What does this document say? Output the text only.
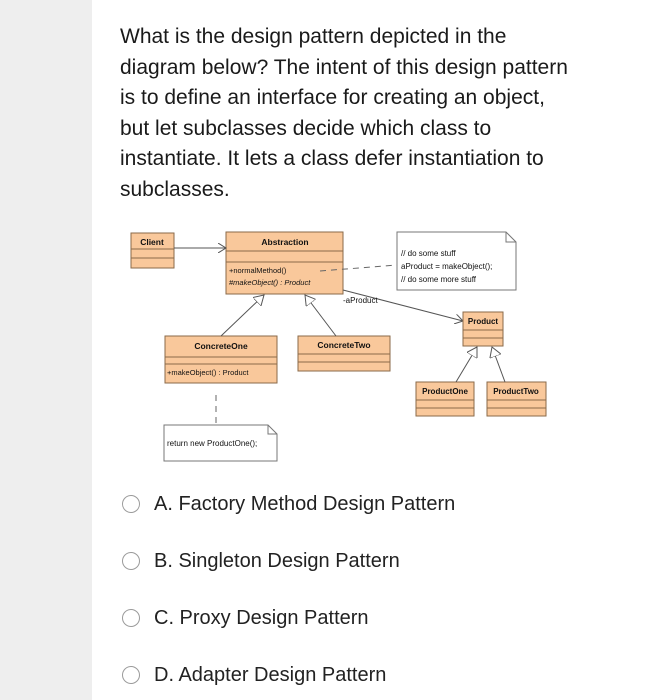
What is the design pattern depicted in the diagram below? The intent of this design pattern is to define an interface for creating an object, but let subclasses decide which class to instantiate. It lets a class defer instantiation to subclasses.

Client	Abstraction
+normalMethod()
#makeObject() : Product
// do some stuff
aProduct = makeObject();
// do some more stuff
-aProduct
ConcreteOne
+makeObject() : Product
ConcreteTwo
Product
ProductOne	ProductTwo
return new ProductOne();
A. Factory Method Design Pattern
B. Singleton Design Pattern
C. Proxy Design Pattern
D. Adapter Design Pattern
